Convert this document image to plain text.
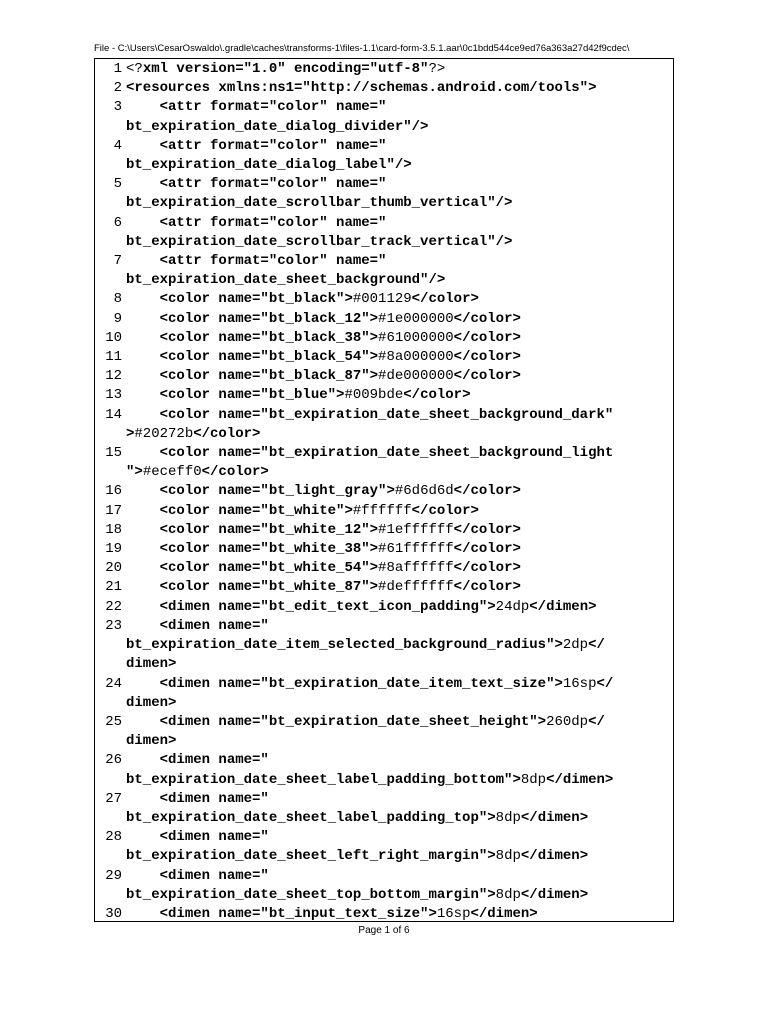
File - C:\Users\CesarOswaldo\.gradle\caches\transforms-1\files-1.1\card-form-3.5.1.aar\0c1bdd544ce9ed76a363a27d42f9cdec\
1 <?xml version="1.0" encoding="utf-8"?>
2 <resources xmlns:ns1="http://schemas.android.com/tools">
3	<attr format="color" name="
bt_expiration_date_dialog_divider"/>
4	<attr format="color" name="
bt_expiration_date_dialog_label"/>
5	<attr format="color" name="
bt_expiration_date_scrollbar_thumb_vertical"/>
6	<attr format="color" name="
bt_expiration_date_scrollbar_track_vertical"/>
7	<attr format="color" name="
bt_expiration_date_sheet_background"/>
8 <color name="bt_black">#001129</color>
9 <color name="bt_black_12">#1e000000</color>
10 <color name="bt_black_38">#61000000</color>
11 <color name="bt_black_54">#8a000000</color>
12 <color name="bt_black_87">#de000000</color>
13 <color name="bt_blue">#009bde</color>
14	<color name="bt_expiration_date_sheet_background_dark"
>#20272b</color>
15	<color name="bt_expiration_date_sheet_background_light
">#eceff0</color>
16 <color name="bt_light_gray">#6d6d6d</color>
17 <color name="bt_white">#ffffff</color>
18 <color name="bt_white_12">#1effffff</color>
19 <color name="bt_white_38">#61ffffff</color>
20 <color name="bt_white_54">#8affffff</color>
21 <color name="bt_white_87">#deffffff</color>
22 <dimen name="bt_edit_text_icon_padding">24dp</dimen>
23	<dimen name="
bt_expiration_date_item_selected_background_radius">2dp</
dimen>
24 <dimen name="bt_expiration_date_item_text_size">16sp</
dimen>
25 <dimen name="bt_expiration_date_sheet_height">260dp</
dimen>
26	<dimen name="
bt_expiration_date_sheet_label_padding_bottom">8dp</dimen>
27	<dimen name="
bt_expiration_date_sheet_label_padding_top">8dp</dimen>
28	<dimen name="
bt_expiration_date_sheet_left_right_margin">8dp</dimen>
29	<dimen name="
bt_expiration_date_sheet_top_bottom_margin">8dp</dimen>
30 <dimen name="bt_input_text_size">16sp</dimen>
Page 1 of 6
